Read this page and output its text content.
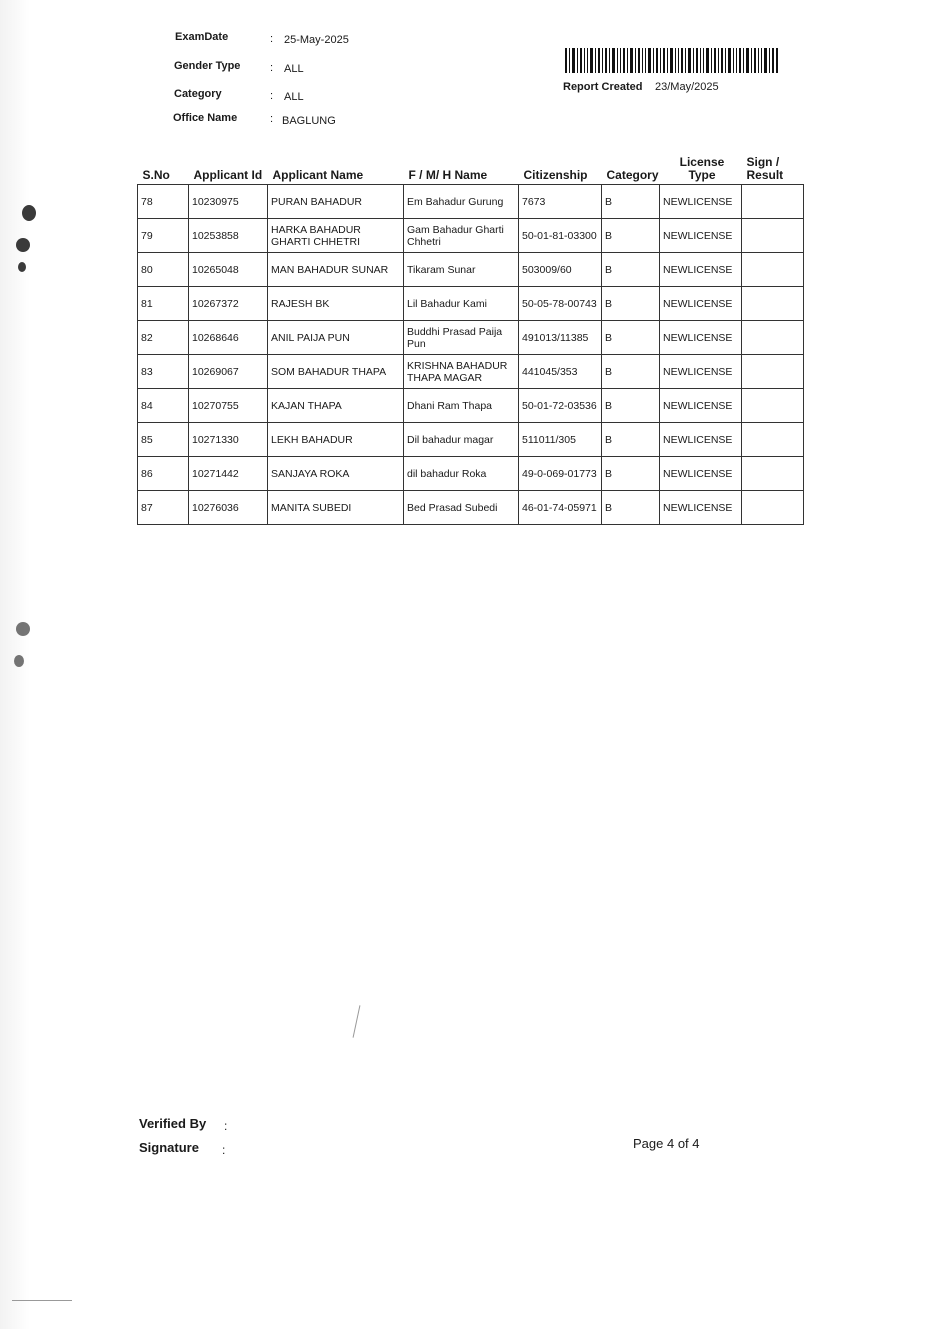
ExamDate	: 25-May-2025
Gender Type	: ALL
Category	: ALL
Office Name	: BAGLUNG
Report Created 23/May/2025
S.No	Applicant Id	Applicant Name	F / M/ H Name	Citizenship	Category	License Type	Sign / Result
78	10230975	PURAN BAHADUR	Em Bahadur Gurung	7673	B	NEWLICENSE	
79	10253858	HARKA BAHADUR GHARTI CHHETRI	Gam Bahadur Gharti Chhetri	50-01-81-03300	B	NEWLICENSE	
80	10265048	MAN BAHADUR SUNAR	Tikaram Sunar	503009/60	B	NEWLICENSE	
81	10267372	RAJESH BK	Lil Bahadur Kami	50-05-78-00743	B	NEWLICENSE	
82	10268646	ANIL PAIJA PUN	Buddhi Prasad Paija Pun	491013/11385	B	NEWLICENSE	
83	10269067	SOM BAHADUR THAPA	KRISHNA BAHADUR THAPA MAGAR	441045/353	B	NEWLICENSE	
84	10270755	KAJAN THAPA	Dhani Ram Thapa	50-01-72-03536	B	NEWLICENSE	
85	10271330	LEKH BAHADUR	Dil bahadur magar	511011/305	B	NEWLICENSE	
86	10271442	SANJAYA ROKA	dil bahadur Roka	49-0-069-01773	B	NEWLICENSE	
87	10276036	MANITA SUBEDI	Bed Prasad Subedi	46-01-74-05971	B	NEWLICENSE	
Verified By :
Signature :	Page 4 of 4
